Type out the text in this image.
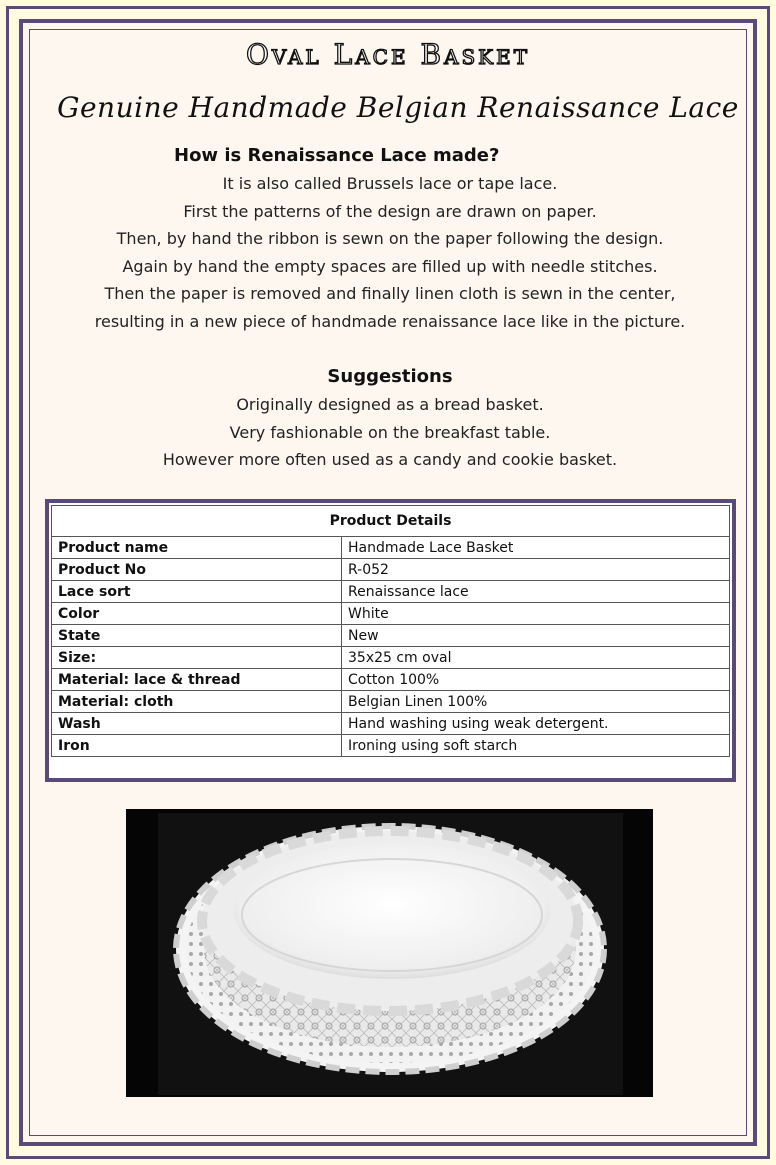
Oval Lace Basket
Genuine Handmade Belgian Renaissance Lace
How is Renaissance Lace made?
It is also called Brussels lace or tape lace.
First the patterns of the design are drawn on paper.
Then, by hand the ribbon is sewn on the paper following the design.
Again by hand the empty spaces are filled up with needle stitches.
Then the paper is removed and finally linen cloth is sewn in the center,
resulting in a new piece of handmade renaissance lace like in the picture.
Suggestions
Originally designed as a bread basket.
Very fashionable on the breakfast table.
However more often used as a candy and cookie basket.
Product Details	
Product name	Handmade Lace Basket
Product No	R-052
Lace sort	Renaissance lace
Color	White
State	New
Size:	35x25 cm oval
Material: lace & thread	Cotton 100%
Material: cloth	Belgian Linen 100%
Wash	Hand washing using weak detergent.
Iron	Ironing using soft starch
